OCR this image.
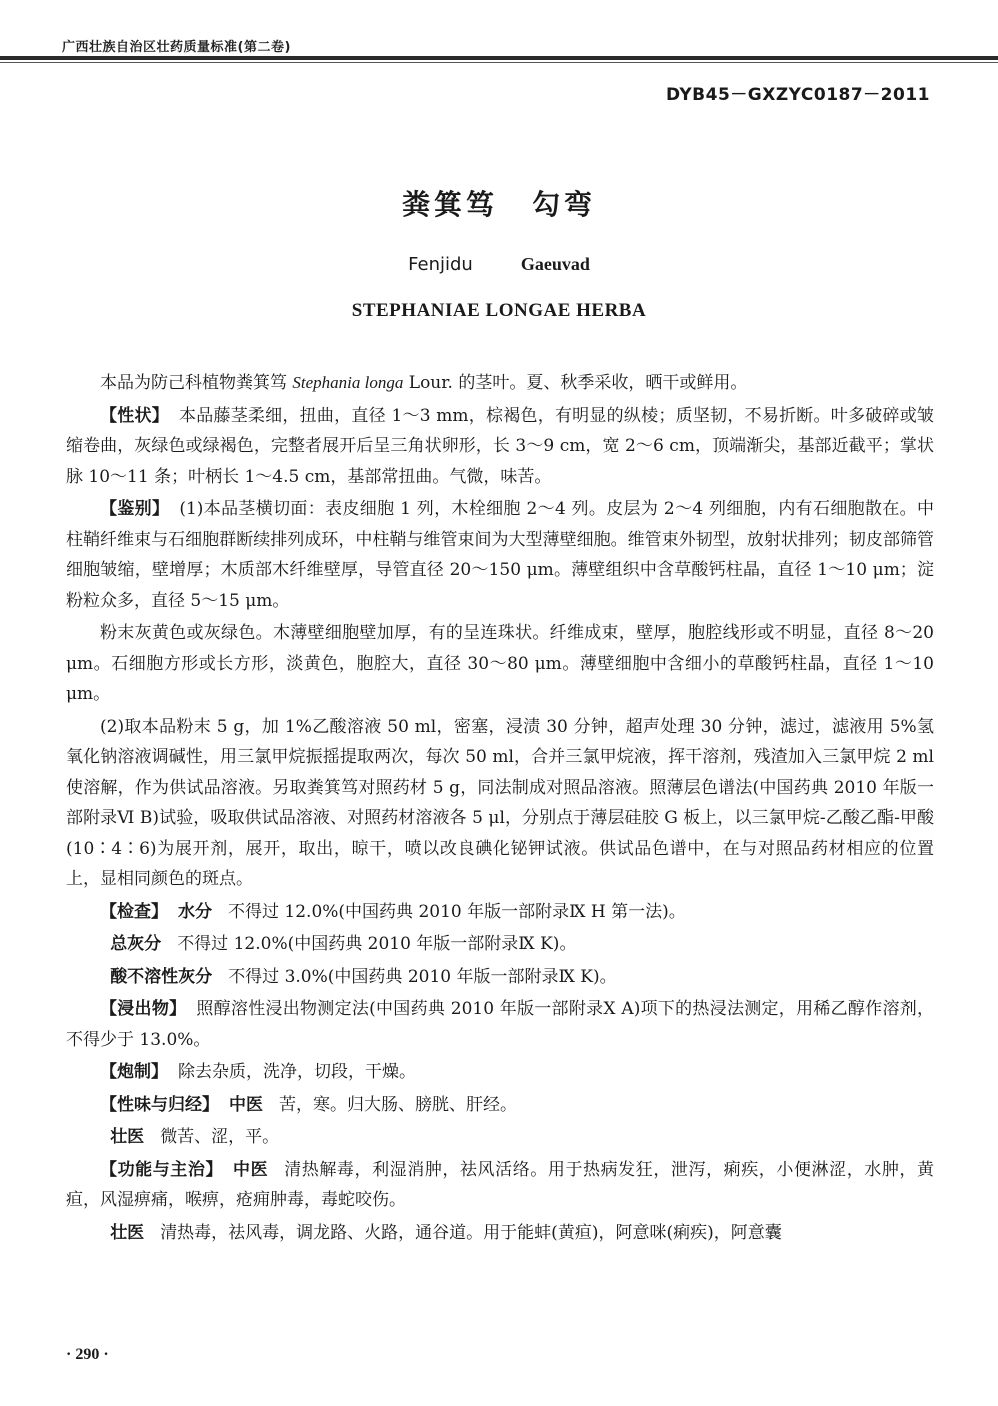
广西壮族自治区壮药质量标准(第二卷)
DYB45－GXZYC0187－2011
粪箕笃 勾弯
Fenjidu	Gaeuvad
STEPHANIAE LONGAE HERBA

本品为防己科植物粪箕笃 Stephania longa Lour. 的茎叶。夏、秋季采收，晒干或鲜用。

【性状】 本品藤茎柔细，扭曲，直径 1～3 mm，棕褐色，有明显的纵棱；质坚韧，不易折断。叶多破碎或皱缩卷曲，灰绿色或绿褐色，完整者展开后呈三角状卵形，长 3～9 cm，宽 2～6 cm，顶端渐尖，基部近截平；掌状脉 10～11 条；叶柄长 1～4.5 cm，基部常扭曲。气微，味苦。

【鉴别】 (1)本品茎横切面：表皮细胞 1 列，木栓细胞 2～4 列。皮层为 2～4 列细胞，内有石细胞散在。中柱鞘纤维束与石细胞群断续排列成环，中柱鞘与维管束间为大型薄壁细胞。维管束外韧型，放射状排列；韧皮部筛管细胞皱缩，壁增厚；木质部木纤维壁厚，导管直径 20～150 μm。薄壁组织中含草酸钙柱晶，直径 1～10 μm；淀粉粒众多，直径 5～15 μm。

粉末灰黄色或灰绿色。木薄壁细胞壁加厚，有的呈连珠状。纤维成束，壁厚，胞腔线形或不明显，直径 8～20 μm。石细胞方形或长方形，淡黄色，胞腔大，直径 30～80 μm。薄壁细胞中含细小的草酸钙柱晶，直径 1～10 μm。

(2)取本品粉末 5 g，加 1%乙酸溶液 50 ml，密塞，浸渍 30 分钟，超声处理 30 分钟，滤过，滤液用 5%氢氧化钠溶液调碱性，用三氯甲烷振摇提取两次，每次 50 ml，合并三氯甲烷液，挥干溶剂，残渣加入三氯甲烷 2 ml 使溶解，作为供试品溶液。另取粪箕笃对照药材 5 g，同法制成对照品溶液。照薄层色谱法(中国药典 2010 年版一部附录Ⅵ B)试验，吸取供试品溶液、对照药材溶液各 5 μl，分别点于薄层硅胶 G 板上，以三氯甲烷-乙酸乙酯-甲酸(10∶4∶6)为展开剂，展开，取出，晾干，喷以改良碘化铋钾试液。供试品色谱中，在与对照品药材相应的位置上，显相同颜色的斑点。

【检查】 水分 不得过 12.0%(中国药典 2010 年版一部附录Ⅸ H 第一法)。

总灰分 不得过 12.0%(中国药典 2010 年版一部附录Ⅸ K)。

酸不溶性灰分 不得过 3.0%(中国药典 2010 年版一部附录Ⅸ K)。

【浸出物】 照醇溶性浸出物测定法(中国药典 2010 年版一部附录Ⅹ A)项下的热浸法测定，用稀乙醇作溶剂，不得少于 13.0%。

【炮制】 除去杂质，洗净，切段，干燥。

【性味与归经】 中医 苦，寒。归大肠、膀胱、肝经。

壮医 微苦、涩，平。

【功能与主治】 中医 清热解毒，利湿消肿，祛风活络。用于热病发狂，泄泻，痢疾，小便淋涩，水肿，黄疸，风湿痹痛，喉痹，疮痈肿毒，毒蛇咬伤。

壮医 清热毒，祛风毒，调龙路、火路，通谷道。用于能蚌(黄疸)，阿意咪(痢疾)，阿意囊

· 290 ·
